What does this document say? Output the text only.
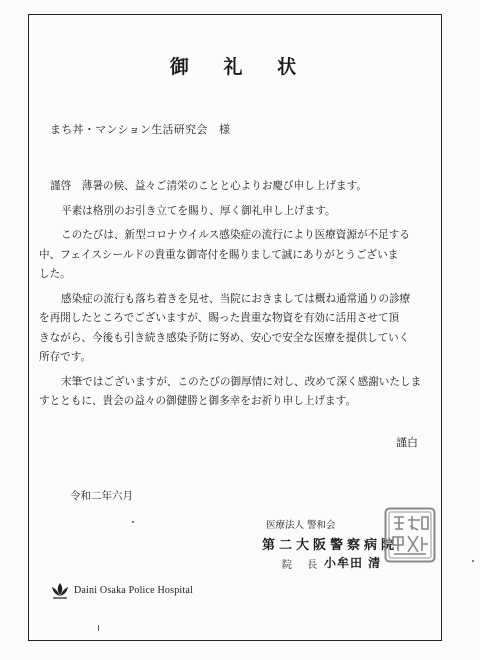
御 礼 状
まち丼・マンション生活研究会　様

謹啓　薄暑の候、益々ご清栄のことと心よりお慶び申し上げます。

平素は格別のお引き立てを賜り、厚く御礼申し上げます。

このたびは、新型コロナウイルス感染症の流行により医療資源が不足する
中、フェイスシールドの貴重な御寄付を賜りまして誠にありがとうございま
した。

感染症の流行も落ち着きを見せ、当院におきましては概ね通常通りの診療
を再開したところでございますが、賜った貴重な物資を有効に活用させて頂
きながら、今後も引き続き感染予防に努め、安心で安全な医療を提供していく
所存です。

末筆ではございますが、このたびの御厚情に対し、改めて深く感謝いたしま
すとともに、貴会の益々の御健勝と御多幸をお祈り申し上げます。

謹白
令和二年六月
医療法人 警和会
第二大阪警察病院
院 長 小牟田 清
Daini Osaka Police Hospital
